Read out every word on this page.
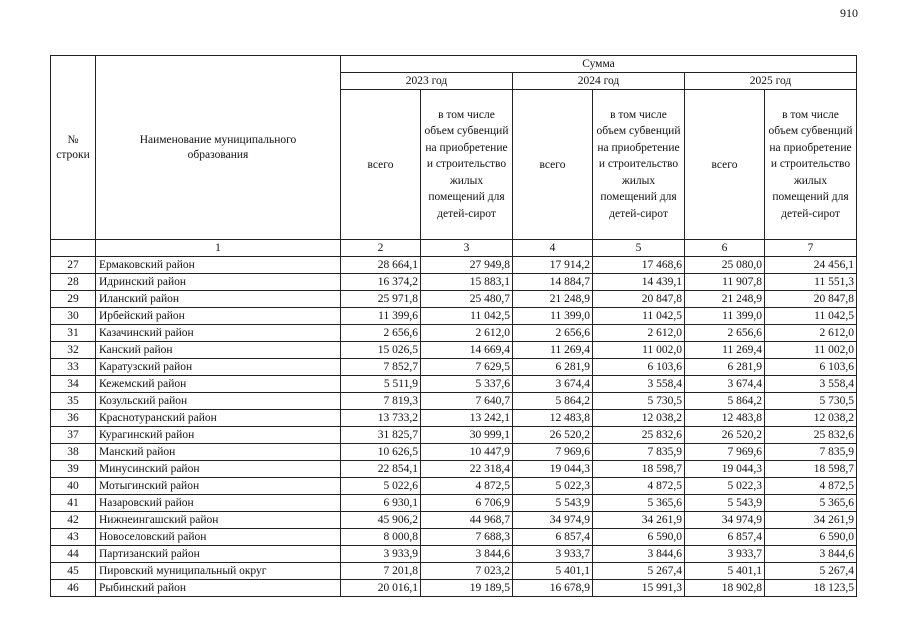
910
№ строки	Наименование муниципального образования	Сумма					
		2023 год		2024 год		2025 год	
		всего	в том числе объем субвенций на приобретение и строительство жилых помещений для детей-сирот	всего	в том числе объем субвенций на приобретение и строительство жилых помещений для детей-сирот	всего	в том числе объем субвенций на приобретение и строительство жилых помещений для детей-сирот

	1	2	3	4	5	6	7
27	Ермаковский район	28 664,1	27 949,8	17 914,2	17 468,6	25 080,0	24 456,1
28	Идринский район	16 374,2	15 883,1	14 884,7	14 439,1	11 907,8	11 551,3
29	Иланский район	25 971,8	25 480,7	21 248,9	20 847,8	21 248,9	20 847,8
30	Ирбейский район	11 399,6	11 042,5	11 399,0	11 042,5	11 399,0	11 042,5
31	Казачинский район	2 656,6	2 612,0	2 656,6	2 612,0	2 656,6	2 612,0
32	Канский район	15 026,5	14 669,4	11 269,4	11 002,0	11 269,4	11 002,0
33	Каратузский район	7 852,7	7 629,5	6 281,9	6 103,6	6 281,9	6 103,6
34	Кежемский район	5 511,9	5 337,6	3 674,4	3 558,4	3 674,4	3 558,4
35	Козульский район	7 819,3	7 640,7	5 864,2	5 730,5	5 864,2	5 730,5
36	Краснотуранский район	13 733,2	13 242,1	12 483,8	12 038,2	12 483,8	12 038,2
37	Курагинский район	31 825,7	30 999,1	26 520,2	25 832,6	26 520,2	25 832,6
38	Манский район	10 626,5	10 447,9	7 969,6	7 835,9	7 969,6	7 835,9
39	Минусинский район	22 854,1	22 318,4	19 044,3	18 598,7	19 044,3	18 598,7
40	Мотыгинский район	5 022,6	4 872,5	5 022,3	4 872,5	5 022,3	4 872,5
41	Назаровский район	6 930,1	6 706,9	5 543,9	5 365,6	5 543,9	5 365,6
42	Нижнеингашский район	45 906,2	44 968,7	34 974,9	34 261,9	34 974,9	34 261,9
43	Новоселовский район	8 000,8	7 688,3	6 857,4	6 590,0	6 857,4	6 590,0
44	Партизанский район	3 933,9	3 844,6	3 933,7	3 844,6	3 933,7	3 844,6
45	Пировский муниципальный округ	7 201,8	7 023,2	5 401,1	5 267,4	5 401,1	5 267,4
46	Рыбинский район	20 016,1	19 189,5	16 678,9	15 991,3	18 902,8	18 123,5
